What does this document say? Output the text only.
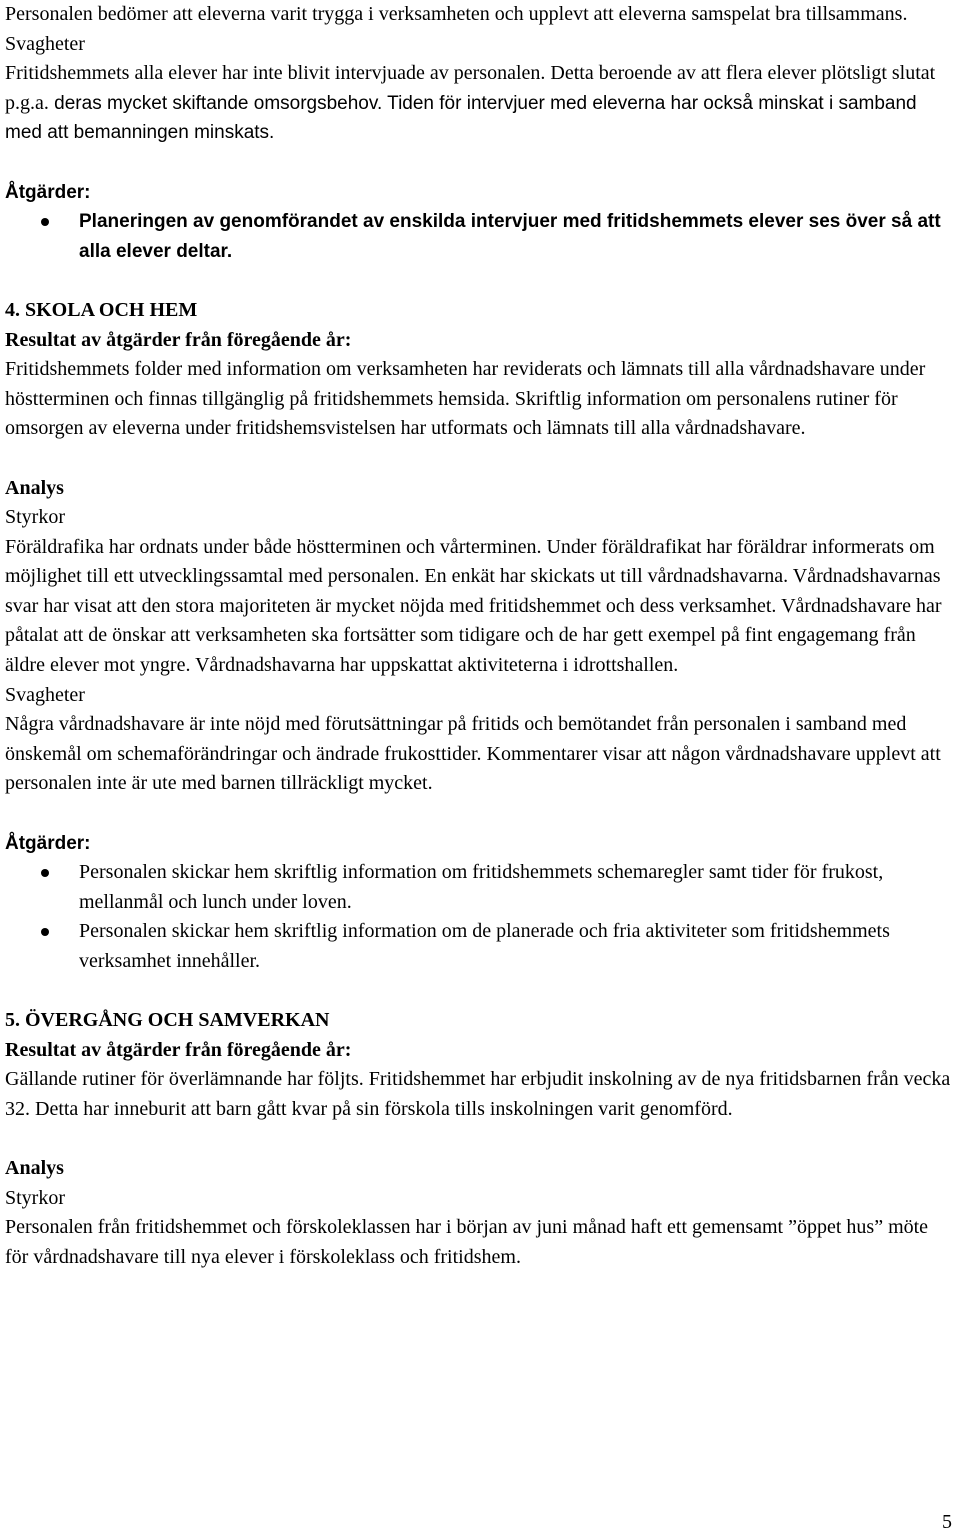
Personalen bedömer att eleverna varit trygga i verksamheten och upplevt att eleverna samspelat bra tillsammans.

Svagheter

Fritidshemmets alla elever har inte blivit intervjuade av personalen. Detta beroende av att flera elever plötsligt slutat p.g.a. deras mycket skiftande omsorgsbehov. Tiden för intervjuer med eleverna har också minskat i samband med att bemanningen minskats.

Åtgärder:

Planeringen av genomförandet av enskilda intervjuer med fritidshemmets elever ses över så att alla elever deltar.

4. SKOLA OCH HEM

Resultat av åtgärder från föregående år:

Fritidshemmets folder med information om verksamheten har reviderats och lämnats till alla vårdnadshavare under höstterminen och finnas tillgänglig på fritidshemmets hemsida. Skriftlig information om personalens rutiner för omsorgen av eleverna under fritidshemsvistelsen har utformats och lämnats till alla vårdnadshavare.

Analys

Styrkor

Föräldrafika har ordnats under både höstterminen och vårterminen. Under föräldrafikat har föräldrar informerats om möjlighet till ett utvecklingssamtal med personalen. En enkät har skickats ut till vårdnadshavarna. Vårdnadshavarnas svar har visat att den stora majoriteten är mycket nöjda med fritidshemmet och dess verksamhet. Vårdnadshavare har påtalat att de önskar att verksamheten ska fortsätter som tidigare och de har gett exempel på fint engagemang från äldre elever mot yngre. Vårdnadshavarna har uppskattat aktiviteterna i idrottshallen.

Svagheter

Några vårdnadshavare är inte nöjd med förutsättningar på fritids och bemötandet från personalen i samband med önskemål om schemaförändringar och ändrade frukosttider. Kommentarer visar att någon vårdnadshavare upplevt att personalen inte är ute med barnen tillräckligt mycket.

Åtgärder:

Personalen skickar hem skriftlig information om fritidshemmets schemaregler samt tider för frukost, mellanmål och lunch under loven.
Personalen skickar hem skriftlig information om de planerade och fria aktiviteter som fritidshemmets verksamhet innehåller.

5. ÖVERGÅNG OCH SAMVERKAN

Resultat av åtgärder från föregående år:

Gällande rutiner för överlämnande har följts. Fritidshemmet har erbjudit inskolning av de nya fritidsbarnen från vecka 32. Detta har inneburit att barn gått kvar på sin förskola tills inskolningen varit genomförd.

Analys

Styrkor

Personalen från fritidshemmet och förskoleklassen har i början av juni månad haft ett gemensamt ”öppet hus” möte för vårdnadshavare till nya elever i förskoleklass och fritidshem.

5
